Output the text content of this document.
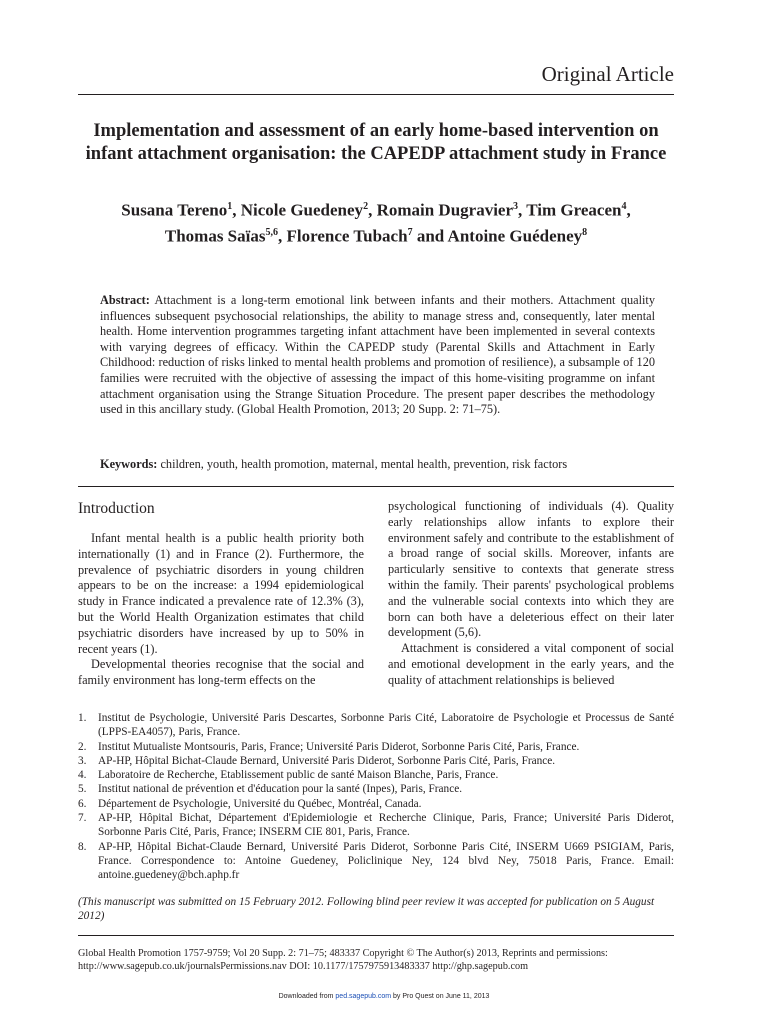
Original Article
Implementation and assessment of an early home-based intervention on infant attachment organisation: the CAPEDP attachment study in France

Susana Tereno$^1$, Nicole Guedeney$^2$, Romain Dugravier$^3$, Tim Greacen$^4$,
Thomas Saïas$^{5,6}$, Florence Tubach$^7$ and Antoine Guédeney$^8$

Abstract: Attachment is a long-term emotional link between infants and their mothers. Attachment quality influences subsequent psychosocial relationships, the ability to manage stress and, consequently, later mental health. Home intervention programmes targeting infant attachment have been implemented in several contexts with varying degrees of efficacy. Within the CAPEDP study (Parental Skills and Attachment in Early Childhood: reduction of risks linked to mental health problems and promotion of resilience), a subsample of 120 families were recruited with the objective of assessing the impact of this home-visiting programme on infant attachment organisation using the Strange Situation Procedure. The present paper describes the methodology used in this ancillary study. (Global Health Promotion, 2013; 20 Supp. 2: 71–75).

Keywords: children, youth, health promotion, maternal, mental health, prevention, risk factors

Introduction

Infant mental health is a public health priority both internationally (1) and in France (2). Furthermore, the prevalence of psychiatric disorders in young children appears to be on the increase: a 1994 epidemiological study in France indicated a prevalence rate of 12.3% (3), but the World Health Organization estimates that child psychiatric disorders have increased by up to 50% in recent years (1).

Developmental theories recognise that the social and family environment has long-term effects on the

psychological functioning of individuals (4). Quality early relationships allow infants to explore their environment safely and contribute to the establishment of a broad range of social skills. Moreover, infants are particularly sensitive to contexts that generate stress within the family. Their parents' psychological problems and the vulnerable social contexts into which they are born can both have a deleterious effect on their later development (5,6).

Attachment is considered a vital component of social and emotional development in the early years, and the quality of attachment relationships is believed

1.	Institut de Psychologie, Université Paris Descartes, Sorbonne Paris Cité, Laboratoire de Psychologie et Processus de Santé (LPPS-EA4057), Paris, France.
2.	Institut Mutualiste Montsouris, Paris, France; Université Paris Diderot, Sorbonne Paris Cité, Paris, France.
3.	AP-HP, Hôpital Bichat-Claude Bernard, Université Paris Diderot, Sorbonne Paris Cité, Paris, France.
4.	Laboratoire de Recherche, Etablissement public de santé Maison Blanche, Paris, France.
5.	Institut national de prévention et d'éducation pour la santé (Inpes), Paris, France.
6.	Département de Psychologie, Université du Québec, Montréal, Canada.
7.	AP-HP, Hôpital Bichat, Département d'Epidemiologie et Recherche Clinique, Paris, France; Université Paris Diderot, Sorbonne Paris Cité, Paris, France; INSERM CIE 801, Paris, France.
8.	AP-HP, Hôpital Bichat-Claude Bernard, Université Paris Diderot, Sorbonne Paris Cité, INSERM U669 PSIGIAM, Paris, France. Correspondence to: Antoine Guedeney, Policlinique Ney, 124 blvd Ney, 75018 Paris, France. Email: antoine.guedeney@bch.aphp.fr

(This manuscript was submitted on 15 February 2012. Following blind peer review it was accepted for publication on 5 August 2012)

Global Health Promotion 1757-9759; Vol 20 Supp. 2: 71–75; 483337 Copyright © The Author(s) 2013, Reprints and permissions: http://www.sagepub.co.uk/journalsPermissions.nav DOI: 10.1177/1757975913483337 http://ghp.sagepub.com

Downloaded from ped.sagepub.com by Pro Quest on June 11, 2013
